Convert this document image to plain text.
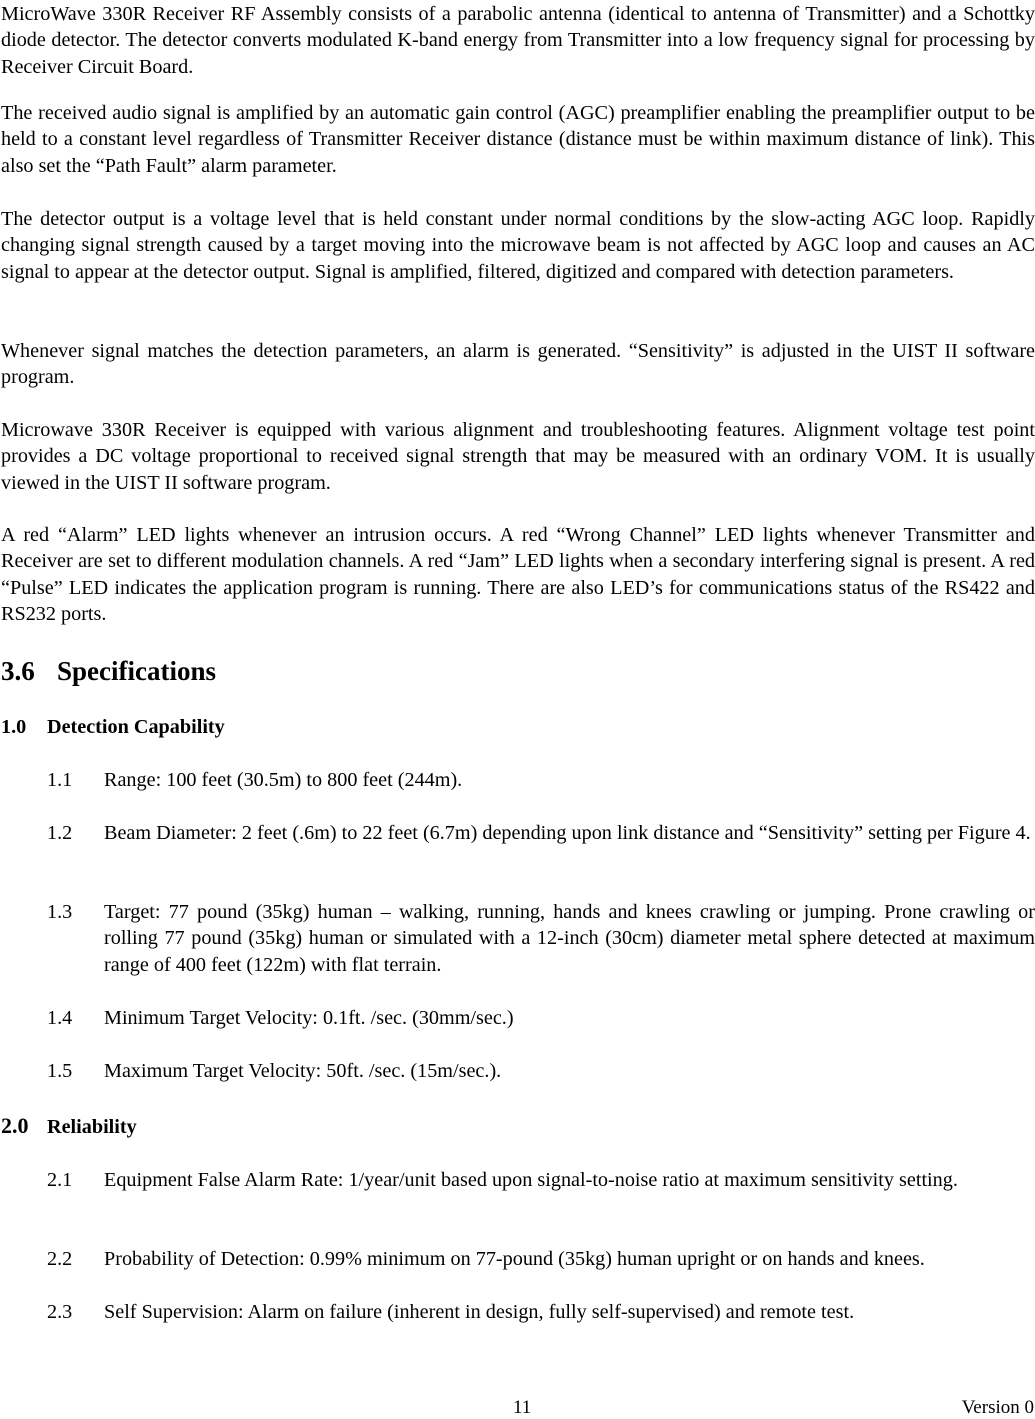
MicroWave 330R Receiver RF Assembly consists of a parabolic antenna (identical to antenna of Transmitter) and a Schottky diode detector. The detector converts modulated K-band energy from Transmitter into a low frequency signal for processing by Receiver Circuit Board.

The received audio signal is amplified by an automatic gain control (AGC) preamplifier enabling the preamplifier output to be held to a constant level regardless of Transmitter Receiver distance (distance must be within maximum distance of link). This also set the “Path Fault” alarm parameter.

The detector output is a voltage level that is held constant under normal conditions by the slow-acting AGC loop. Rapidly changing signal strength caused by a target moving into the microwave beam is not affected by AGC loop and causes an AC signal to appear at the detector output. Signal is amplified, filtered, digitized and compared with detection parameters.

Whenever signal matches the detection parameters, an alarm is generated. “Sensitivity” is adjusted in the UIST II software program.

Microwave 330R Receiver is equipped with various alignment and troubleshooting features. Alignment voltage test point provides a DC voltage proportional to received signal strength that may be measured with an ordinary VOM. It is usually viewed in the UIST II software program.

A red “Alarm” LED lights whenever an intrusion occurs. A red “Wrong Channel” LED lights whenever Transmitter and Receiver are set to different modulation channels. A red “Jam” LED lights when a secondary interfering signal is present. A red “Pulse” LED indicates the application program is running. There are also LED’s for communications status of the RS422 and RS232 ports.

3.6 Specifications
1.0 Detection Capability
1.1 Range: 100 feet (30.5m) to 800 feet (244m).
1.2 Beam Diameter: 2 feet (.6m) to 22 feet (6.7m) depending upon link distance and “Sensitivity” setting per Figure 4.
1.3 Target: 77 pound (35kg) human – walking, running, hands and knees crawling or jumping. Prone crawling or rolling 77 pound (35kg) human or simulated with a 12-inch (30cm) diameter metal sphere detected at maximum range of 400 feet (122m) with flat terrain.
1.4 Minimum Target Velocity: 0.1ft. /sec. (30mm/sec.)
1.5 Maximum Target Velocity: 50ft. /sec. (15m/sec.).
2.0 Reliability
2.1 Equipment False Alarm Rate: 1/year/unit based upon signal-to-noise ratio at maximum sensitivity setting.
2.2 Probability of Detection: 0.99% minimum on 77-pound (35kg) human upright or on hands and knees.
2.3 Self Supervision: Alarm on failure (inherent in design, fully self-supervised) and remote test.
11	Version 0
